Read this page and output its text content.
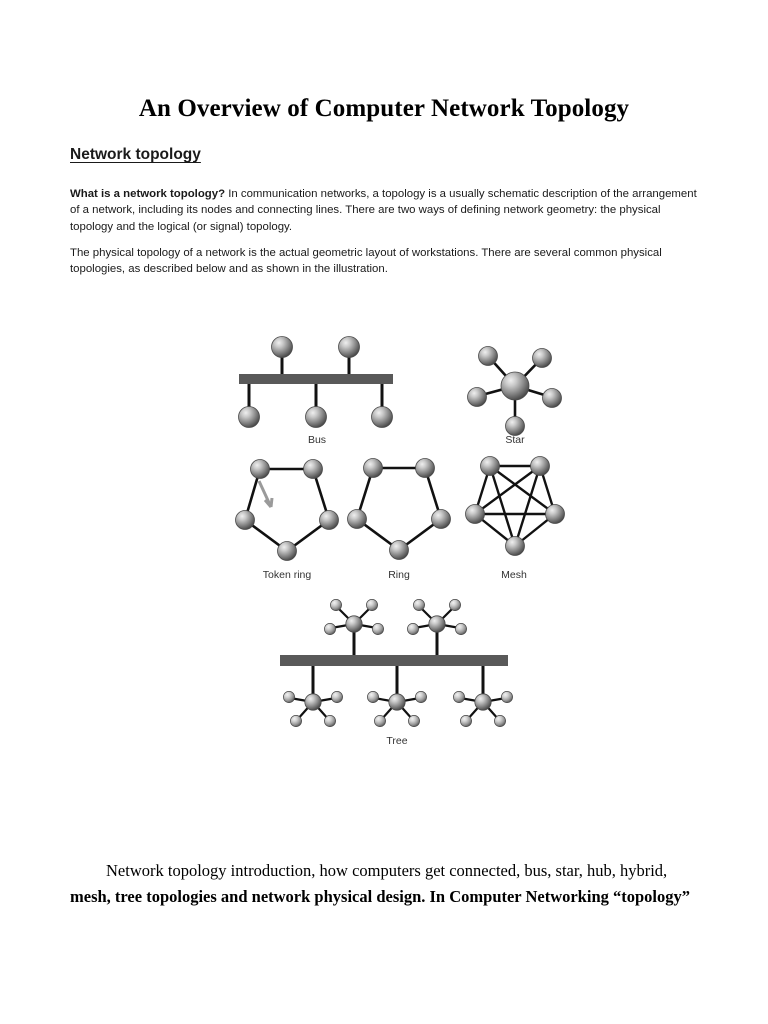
An Overview of Computer Network Topology
Network topology
What is a network topology? In communication networks, a topology is a usually schematic description of the arrangement of a network, including its nodes and connecting lines. There are two ways of defining network geometry: the physical topology and the logical (or signal) topology.
The physical topology of a network is the actual geometric layout of workstations. There are several common physical topologies, as described below and as shown in the illustration.
Bus	Star
Token ring	Ring	Mesh
Tree
Network topology introduction, how computers get connected, bus, star, hub, hybrid,
mesh, tree topologies and network physical design. In Computer Networking “topology”
